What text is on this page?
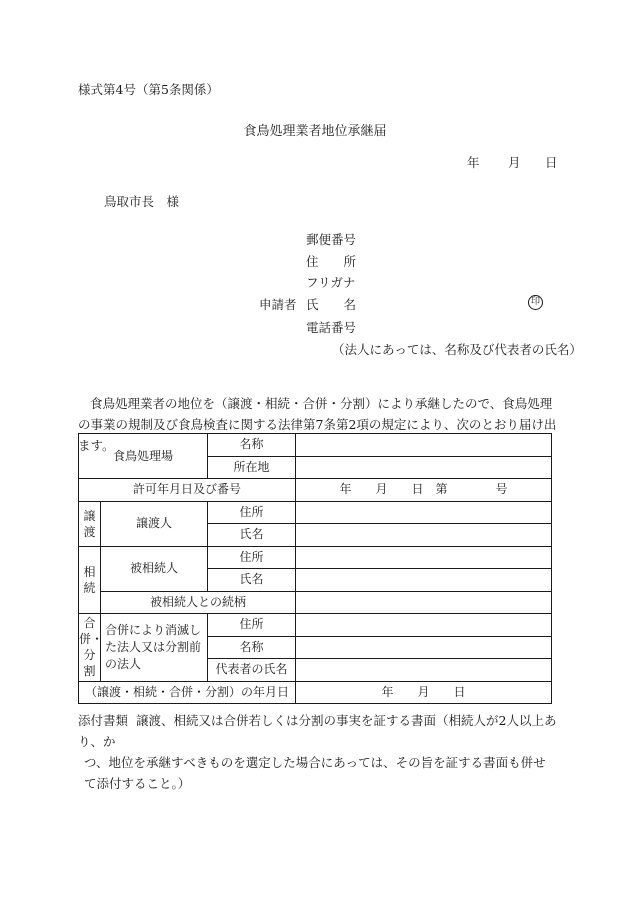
様式第4号（第5条関係）
食鳥処理業者地位承継届
年 月 日
鳥取市長　様
郵便番号
住　　所
フリガナ
申請者 氏　　名	印
電話番号
（法人にあっては、名称及び代表者の氏名）
食鳥処理業者の地位を（譲渡・相続・合併・分割）により承継したので、食鳥処理の事業の規制及び食鳥検査に関する法律第7条第2項の規定により、次のとおり届け出ます。
食鳥処理場		名称	
		所在地	
許可年月日及び番号			年　　月　　日　第　　　　号
譲渡	譲渡人	住所	
		氏名	
相続	被相続人	住所	
		氏名	
	被相続人との続柄		
合併・分割	合併により消滅した法人又は分割前の法人	住所	
		名称	
		代表者の氏名	
（譲渡・相続・合併・分割）の年月日			年　　月　　日
添付書類 譲渡、相続又は合併若しくは分割の事実を証する書面（相続人が2人以上あり、か
つ、地位を承継すべきものを選定した場合にあっては、その旨を証する書面も併せて添付すること。）
